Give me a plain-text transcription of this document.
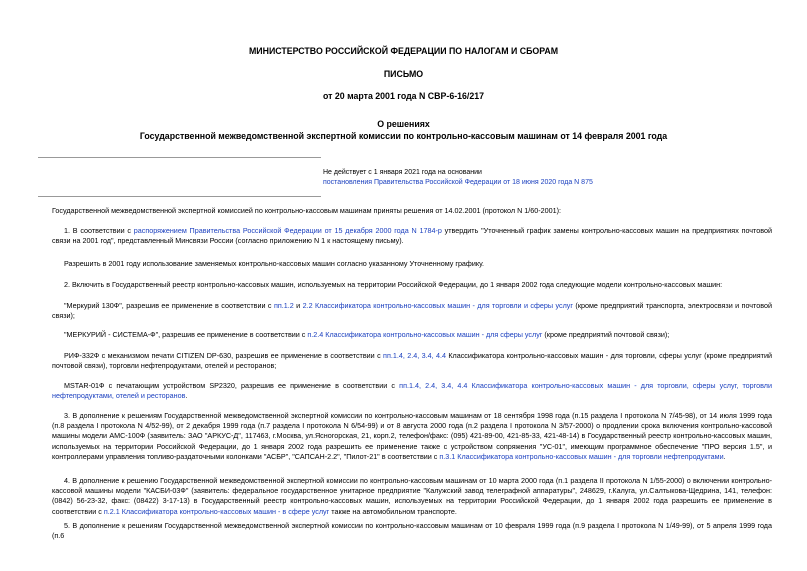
МИНИСТЕРСТВО РОССИЙСКОЙ ФЕДЕРАЦИИ ПО НАЛОГАМ И СБОРАМ
ПИСЬМО
от 20 марта 2001 года N СВР-6-16/217
О решениях
Государственной межведомственной экспертной комиссии по контрольно-кассовым машинам от 14 февраля 2001 года
Не действует с 1 января 2021 года на основании
постановления Правительства Российской Федерации от 18 июня 2020 года N 875

Государственной межведомственной экспертной комиссией по контрольно-кассовым машинам приняты решения от 14.02.2001 (протокол N 1/60-2001):

1. В соответствии с распоряжением Правительства Российской Федерации от 15 декабря 2000 года N 1784-р утвердить "Уточненный график замены контрольно-кассовых машин на предприятиях почтовой связи на 2001 год", представленный Минсвязи России (согласно приложению N 1 к настоящему письму).

Разрешить в 2001 году использование заменяемых контрольно-кассовых машин согласно указанному Уточненному графику.

2. Включить в Государственный реестр контрольно-кассовых машин, используемых на территории Российской Федерации, до 1 января 2002 года следующие модели контрольно-кассовых машин:

"Меркурий 130Ф", разрешив ее применение в соответствии с пп.1.2 и 2.2 Классификатора контрольно-кассовых машин - для торговли и сферы услуг (кроме предприятий транспорта, электросвязи и почтовой связи);

"МЕРКУРИЙ - СИСТЕМА-Ф", разрешив ее применение в соответствии с п.2.4 Классификатора контрольно-кассовых машин - для сферы услуг (кроме предприятий почтовой связи);

РИФ-332Ф с механизмом печати CITIZEN DP-630, разрешив ее применение в соответствии с пп.1.4, 2.4, 3.4, 4.4 Классификатора контрольно-кассовых машин - для торговли, сферы услуг (кроме предприятий почтовой связи), торговли нефтепродуктами, отелей и ресторанов;

MSTAR-01Ф с печатающим устройством SP2320, разрешив ее применение в соответствии с пп.1.4, 2.4, 3.4, 4.4 Классификатора контрольно-кассовых машин - для торговли, сферы услуг, торговли нефтепродуктами, отелей и ресторанов.

3. В дополнение к решениям Государственной межведомственной экспертной комиссии по контрольно-кассовым машинам от 18 сентября 1998 года (п.15 раздела I протокола N 7/45-98), от 14 июля 1999 года (п.8 раздела I протокола N 4/52-99), от 2 декабря 1999 года (п.7 раздела I протокола N 6/54-99) и от 8 августа 2000 года (п.2 раздела I протокола N 3/57-2000) о продлении срока включения контрольно-кассовой машины модели АМС-100Ф (заявитель: ЗАО "АРКУС-Д", 117463, г.Москва, ул.Ясногорская, 21, корп.2, телефон/факс: (095) 421-89-00, 421-85-33, 421-48-14) в Государственный реестр контрольно-кассовых машин, используемых на территории Российской Федерации, до 1 января 2002 года разрешить ее применение также с устройством сопряжения "УС-01", имеющим программное обеспечение "ПРО версия 1.5", и контроллерами управления топливо-раздаточными колонками "АСБР", "САПСАН-2.2", "Пилот-21" в соответствии с п.3.1 Классификатора контрольно-кассовых машин - для торговли нефтепродуктами.

4. В дополнение к решению Государственной межведомственной экспертной комиссии по контрольно-кассовым машинам от 10 марта 2000 года (п.1 раздела II протокола N 1/55-2000) о включении контрольно-кассовой машины модели "КАСБИ-03Ф" (заявитель: федеральное государственное унитарное предприятие "Калужский завод телеграфной аппаратуры", 248629, г.Калуга, ул.Салтыкова-Щедрина, 141, телефон: (0842) 56-23-32, факс: (08422) 3-17-13) в Государственный реестр контрольно-кассовых машин, используемых на территории Российской Федерации, до 1 января 2002 года разрешить ее применение в соответствии с п.2.1 Классификатора контрольно-кассовых машин - в сфере услуг также на автомобильном транспорте.

5. В дополнение к решениям Государственной межведомственной экспертной комиссии по контрольно-кассовым машинам от 10 февраля 1999 года (п.9 раздела I протокола N 1/49-99), от 5 апреля 1999 года (п.6
